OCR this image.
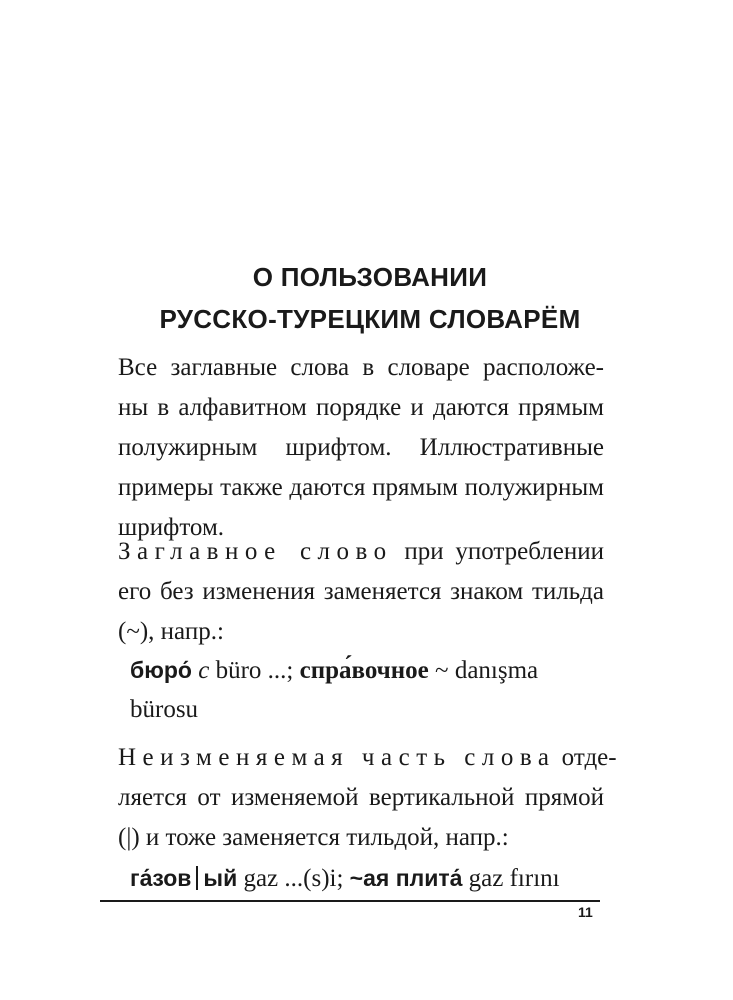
О ПОЛЬЗОВАНИИ
РУССКО-ТУРЕЦКИМ СЛОВАРЁМ
Все заглавные слова в словаре расположе-
ны в алфавитном порядке и даются прямым
полужирным шрифтом. Иллюстративные
примеры также даются прямым полужирным
шрифтом.
Заглавное слово при употреблении
его без изменения заменяется знаком тильда
(~), напр.:
бюро́ с büro ...; спра́вочное ~ danışma
bürosu
Неизменяемая часть слова отде-
ляется от изменяемой вертикальной прямой
(|) и тоже заменяется тильдой, напр.:
га́зов ый gaz ...(s)i; ~ая плита́ gaz fırını
11
